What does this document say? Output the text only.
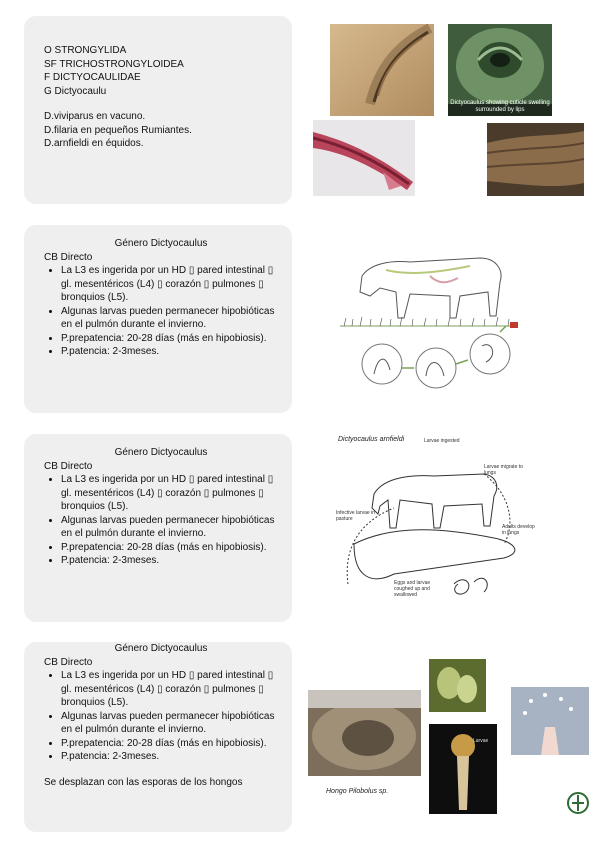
O STRONGYLIDA
SF TRICHOSTRONGYLOIDEA
F DICTYOCAULIDAE
G Dictyocaulu
D.viviparus en vacuno.
D.filaria en pequeños Rumiantes.
D.arnfieldi en équidos.
Género Dictyocaulus
CB Directo
• La L3 es ingerida por un HD ▯ pared intestinal ▯ gl. mesentéricos (L4) ▯ corazón ▯ pulmones ▯ bronquios (L5).
• Algunas larvas pueden permanecer hipobióticas en el pulmón durante el invierno.
• P.prepatencia: 20-28 días (más en hipobiosis).
• P.patencia: 2-3meses.
Género Dictyocaulus
CB Directo
• La L3 es ingerida por un HD ▯ pared intestinal ▯ gl. mesentéricos (L4) ▯ corazón ▯ pulmones ▯ bronquios (L5).
• Algunas larvas pueden permanecer hipobióticas en el pulmón durante el invierno.
• P.prepatencia: 20-28 días (más en hipobiosis).
• P.patencia: 2-3meses.
Género Dictyocaulus
CB Directo
• La L3 es ingerida por un HD ▯ pared intestinal ▯ gl. mesentéricos (L4) ▯ corazón ▯ pulmones ▯ bronquios (L5).
• Algunas larvas pueden permanecer hipobióticas en el pulmón durante el invierno.
• P.prepatencia: 20-28 días (más en hipobiosis).
• P.patencia: 2-3meses.
Se desplazan con las esporas de los hongos
Dictyocaulus showing cuticle swelling surrounded by lips
Dictyocaulus arnfieldi	Larvae ingested
Larvae migrate to lungs
Infective larvae in pasture
Adults develop in lungs
Eggs and larvae coughed up and swallowed
Hongo Pilobolus sp.
Larvae
